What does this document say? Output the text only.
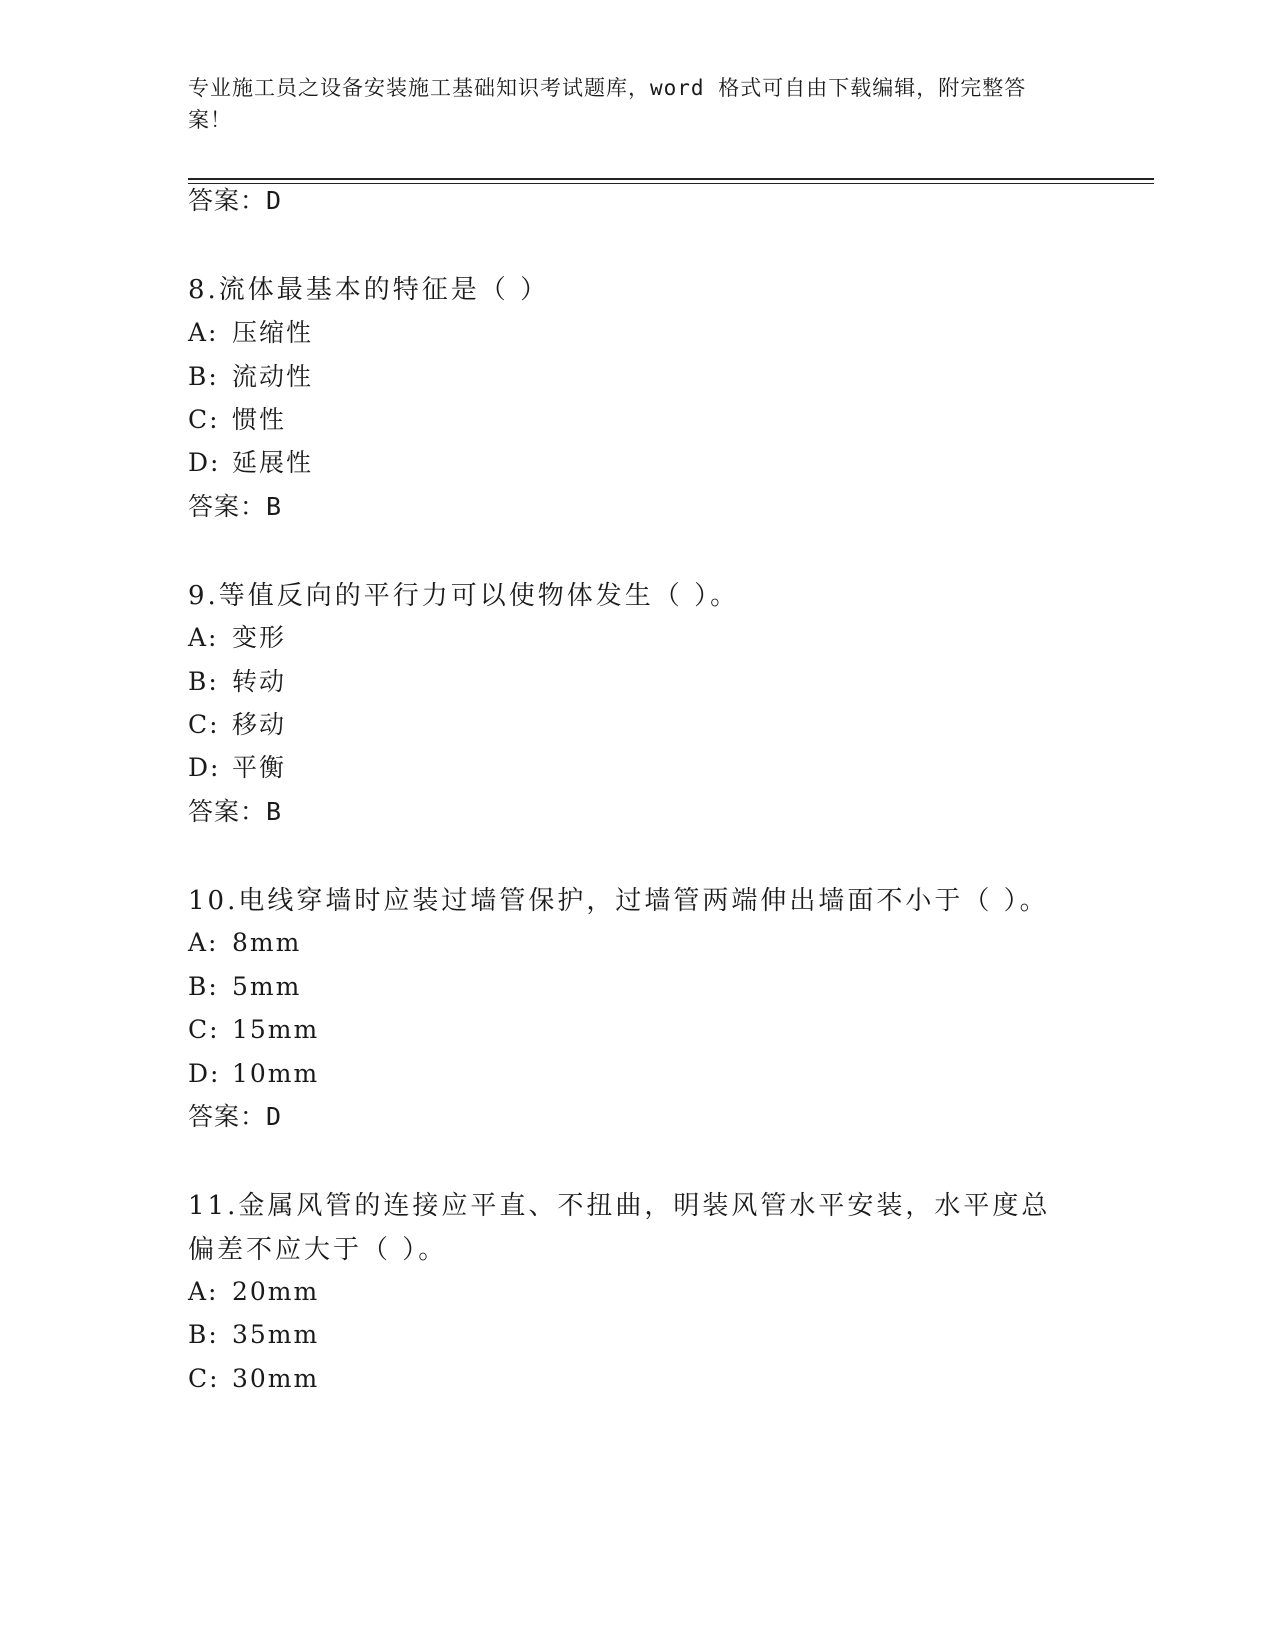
专业施工员之设备安装施工基础知识考试题库，word 格式可自由下载编辑，附完整答案！
答案：D
8.流体最基本的特征是（ ）
A: 压缩性
B: 流动性
C: 惯性
D: 延展性
答案：B
9.等值反向的平行力可以使物体发生（ ）。
A: 变形
B: 转动
C: 移动
D: 平衡
答案：B
10.电线穿墙时应装过墙管保护，过墙管两端伸出墙面不小于（ ）。
A: 8mm
B: 5mm
C: 15mm
D: 10mm
答案：D
11.金属风管的连接应平直、不扭曲，明装风管水平安装，水平度总偏差不应大于（ ）。
A: 20mm
B: 35mm
C: 30mm
